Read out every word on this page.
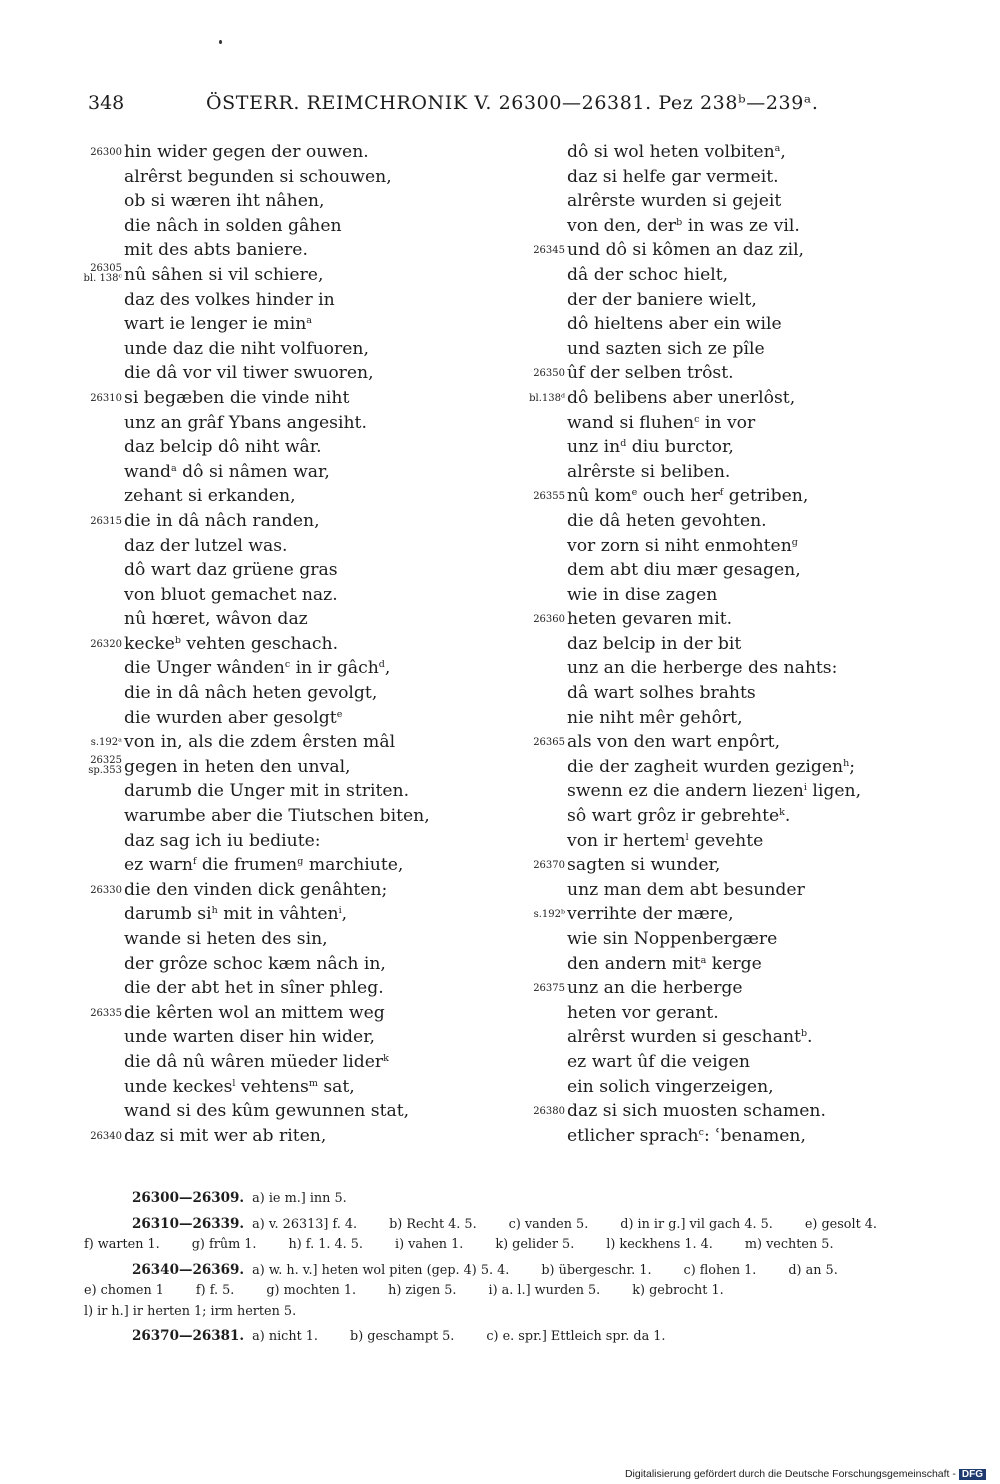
348	ÖSTERR. REIMCHRONIK V. 26300—26381. Pez 238ᵇ—239ᵃ.
26300 hin wider gegen der ouwen.
alrêrst begunden si schouwen,
ob si wæren iht nâhen,
die nâch in solden gâhen
mit des abts baniere.
26305
bl. 138ᶜ nû sâhen si vil schiere,
daz des volkes hinder in
wart ie lenger ie $\min^a$
unde daz die niht volfuoren,
die dâ vor vil tiwer swuoren,
26310 si begæben die vinde niht
unz an grâf Ybans angesiht.
daz belcip dô niht wâr.
wand$^a$ dô si nâmen war,
zehant si erkanden,
26315 die in dâ nâch randen,
daz der lutzel was.
dô wart daz grüene gras
von bluot gemachet naz.
nû hœret, wâvon daz
26320 kecke$^b$ vehten geschach.
die Unger wânden$^c$ in ir gâch$^d$,
die in dâ nâch heten gevolgt,
die wurden aber gesolgt$^e$
s.192ᵃ von in, als die zdem êrsten mâl
26325
sp.353 gegen in heten den unval,
darumb die Unger mit in striten.
warumbe aber die Tiutschen biten,
daz sag ich iu bediute:
ez warn$^f$ die frumen$^g$ marchiute,
26330 die den vinden dick genâhten;
darumb $si^h$ mit in vâhten$^i$,
wande si heten des sin,
der grôze schoc kæm nâch in,
die der abt het in sîner phleg.
26335 die kêrten wol an mittem weg
unde warten diser hin wider,
die dâ nû wâren müeder lider$^k$
unde keckes$^l$ vehtens$^m$ sat,
wand si des kûm gewunnen stat,
26340 daz si mit wer ab riten,
dô si wol heten volbiten$^a$,
daz si helfe gar vermeit.
alrêrste wurden si gejeit
von den, der$^b$ in was ze vil.
26345 und dô si kômen an daz zil,
dâ der schoc hielt,
der der baniere wielt,
dô hieltens aber ein wile
und sazten sich ze pîle
26350 ûf der selben trôst.
bl.138ᵈ dô belibens aber unerlôst,
wand si fluhen$^c$ in vor
unz $in^d$ diu burctor,
alrêrste si beliben.
26355 nû kom$^e$ ouch her$^f$ getriben,
die dâ heten gevohten.
vor zorn si niht enmohten$^g$
dem abt diu mær gesagen,
wie in dise zagen
26360 heten gevaren mit.
daz belcip in der bit
unz an die herberge des nahts:
dâ wart solhes brahts
nie niht mêr gehôrt,
26365 als von den wart enpôrt,
die der zagheit wurden gezigen$^h$;
swenn ez die andern liezen$^i$ ligen,
sô wart grôz ir gebrehte$^k$.
von ir hertem$^l$ gevehte
26370 sagten si wunder,
unz man dem abt besunder
s.192ᵇ verrihte der mære,
wie sin Noppenbergære
den andern mit$^a$ kerge
26375 unz an die herberge
heten vor gerant.
alrêrst wurden si geschant$^b$.
ez wart ûf die veigen
ein solich vingerzeigen,
26380 daz si sich muosten schamen.
etlicher sprach$^c$: ʿbenamen,
26300—26309. a) ie m.] inn 5.
26310—26339. a) v. 26313] f. 4.	b) Recht 4. 5.	c) vanden 5.	d) in ir g.] vil gach 4. 5.	e) gesolt 4.f) warten 1.	g) frûm 1.	h) f. 1. 4. 5.	i) vahen 1.	k) gelider 5.	l) keckhens 1. 4.	m) vechten 5.
26340—26369. a) w. h. v.] heten wol piten (gep. 4) 5. 4.	b) übergeschr. 1.	c) flohen 1.	d) an 5.e) chomen 1	f) f. 5.	g) mochten 1.	h) zigen 5.	i) a. l.] wurden 5.	k) gebrocht 1.l) ir h.] ir herten 1; irm herten 5.
26370—26381. a) nicht 1.	b) geschampt 5.	c) e. spr.] Ettleich spr. da 1.
Digitalisierung gefördert durch die Deutsche Forschungsgemeinschaft - DFG
